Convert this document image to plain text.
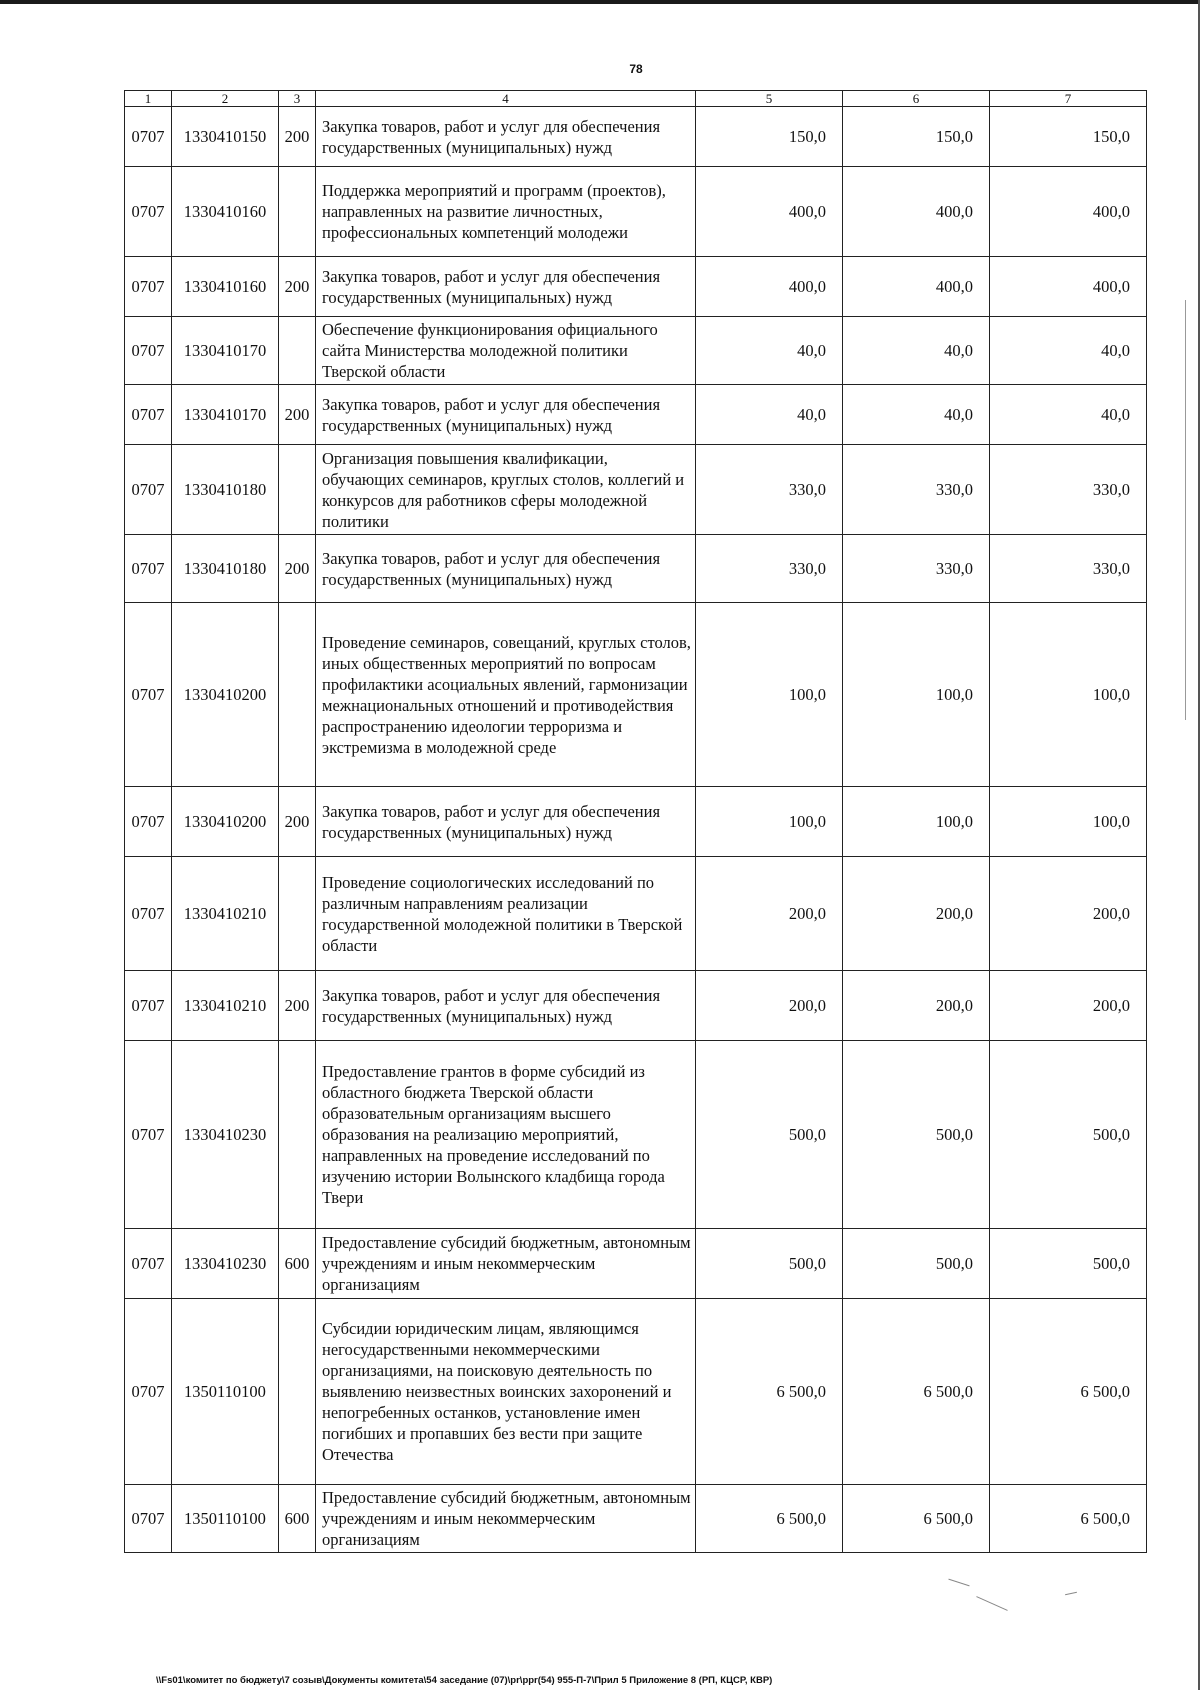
78
1	2	3	4	5	6	7
0707	1330410150	200	Закупка товаров, работ и услуг для обеспечения государственных (муниципальных) нужд	150,0	150,0	150,0
0707	1330410160		Поддержка мероприятий и программ (проектов), направленных на развитие личностных, профессиональных компетенций молодежи	400,0	400,0	400,0
0707	1330410160	200	Закупка товаров, работ и услуг для обеспечения государственных (муниципальных) нужд	400,0	400,0	400,0
0707	1330410170		Обеспечение функционирования официального сайта Министерства молодежной политики Тверской области	40,0	40,0	40,0
0707	1330410170	200	Закупка товаров, работ и услуг для обеспечения государственных (муниципальных) нужд	40,0	40,0	40,0
0707	1330410180		Организация повышения квалификации, обучающих семинаров, круглых столов, коллегий и конкурсов для работников сферы молодежной политики	330,0	330,0	330,0
0707	1330410180	200	Закупка товаров, работ и услуг для обеспечения государственных (муниципальных) нужд	330,0	330,0	330,0
0707	1330410200		Проведение семинаров, совещаний, круглых столов, иных общественных мероприятий по вопросам профилактики асоциальных явлений, гармонизации межнациональных отношений и противодействия распространению идеологии терроризма и экстремизма в молодежной среде	100,0	100,0	100,0
0707	1330410200	200	Закупка товаров, работ и услуг для обеспечения государственных (муниципальных) нужд	100,0	100,0	100,0
0707	1330410210		Проведение социологических исследований по различным направлениям реализации государственной молодежной политики в Тверской области	200,0	200,0	200,0
0707	1330410210	200	Закупка товаров, работ и услуг для обеспечения государственных (муниципальных) нужд	200,0	200,0	200,0
0707	1330410230		Предоставление грантов в форме субсидий из областного бюджета Тверской области образовательным организациям высшего образования на реализацию мероприятий, направленных на проведение исследований по изучению истории Волынского кладбища города Твери	500,0	500,0	500,0
0707	1330410230	600	Предоставление субсидий бюджетным, автономным учреждениям и иным некоммерческим организациям	500,0	500,0	500,0
0707	1350110100		Субсидии юридическим лицам, являющимся негосударственными некоммерческими организациями, на поисковую деятельность по выявлению неизвестных воинских захоронений и непогребенных останков, установление имен погибших и пропавших без вести при защите Отечества	6 500,0	6 500,0	6 500,0
0707	1350110100	600	Предоставление субсидий бюджетным, автономным учреждениям и иным некоммерческим организациям	6 500,0	6 500,0	6 500,0
\\Fs01\комитет по бюджету\7 созыв\Документы комитета\54 заседание (07)\pr\ppr(54) 955-П-7\Прил 5 Приложение 8 (РП, КЦСР, КВР)
